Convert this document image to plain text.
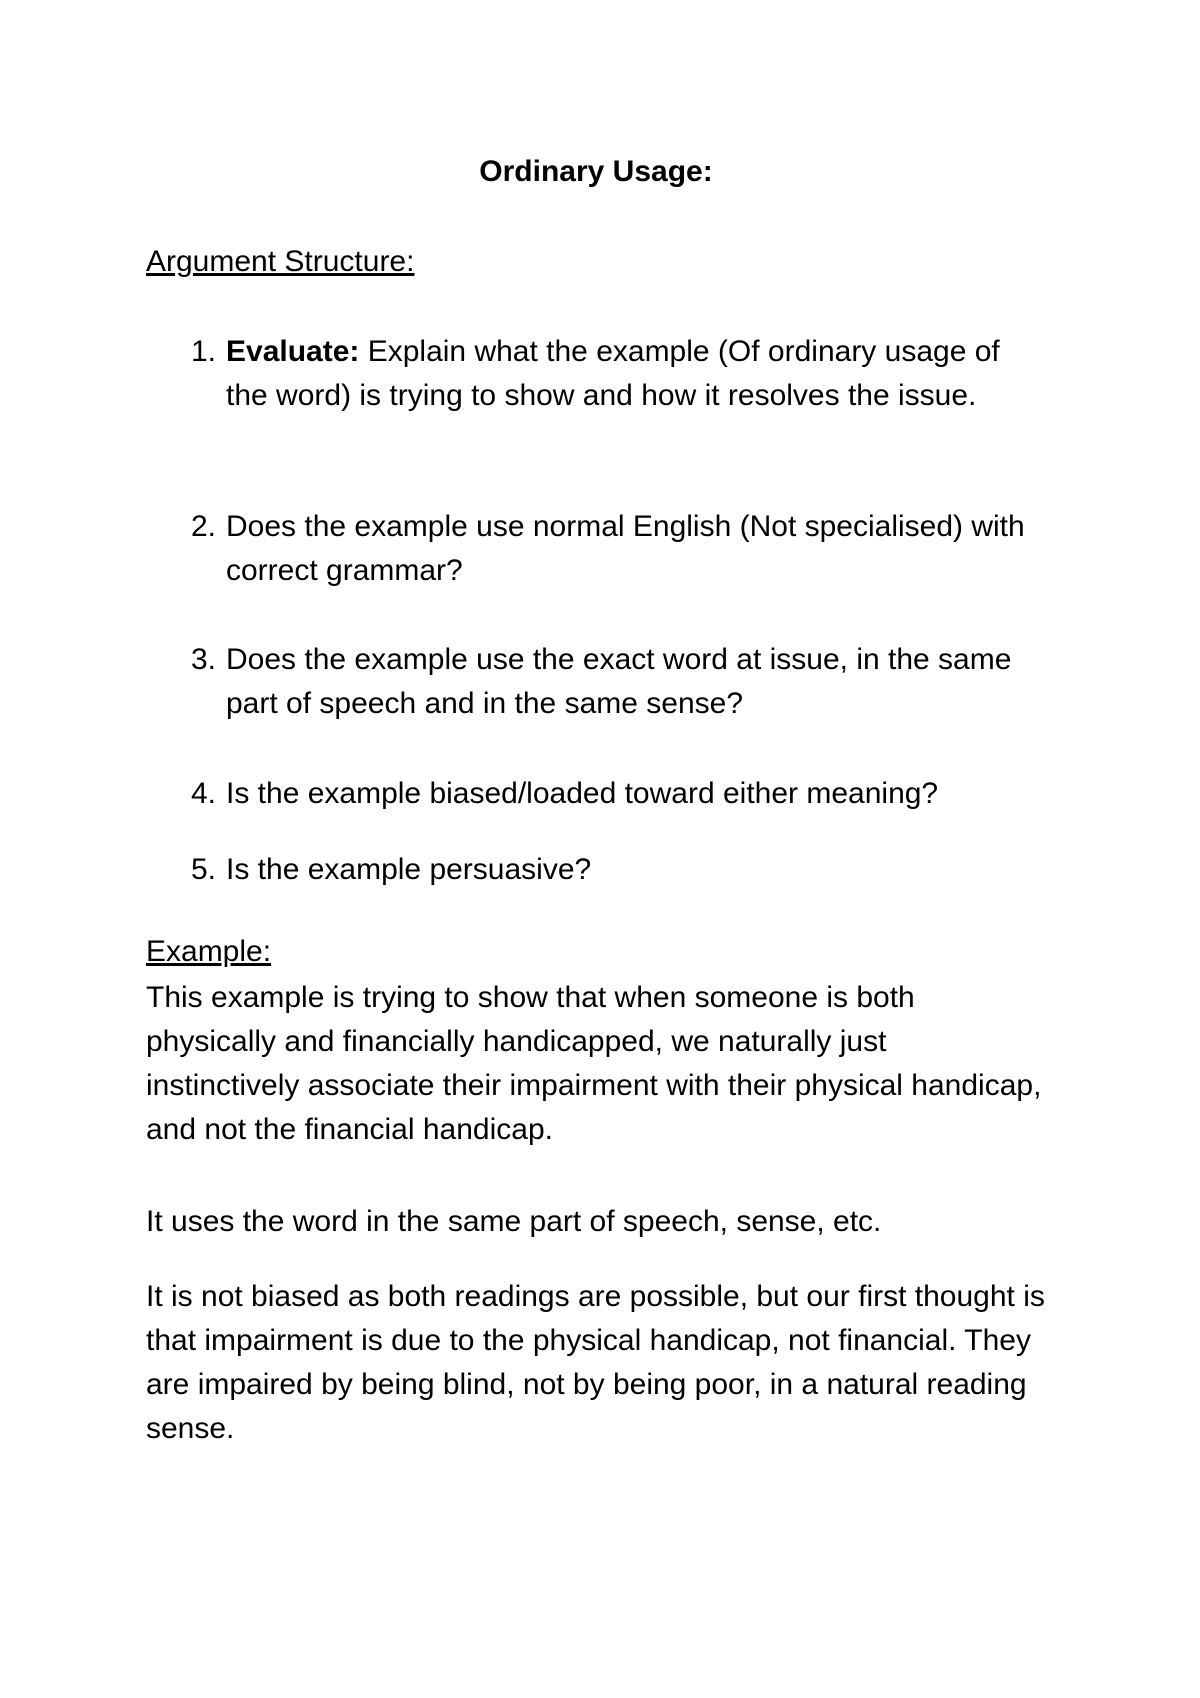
Ordinary Usage:
Argument Structure:
1. Evaluate: Explain what the example (Of ordinary usage of the word) is trying to show and how it resolves the issue.
2. Does the example use normal English (Not specialised) with correct grammar?
3. Does the example use the exact word at issue, in the same part of speech and in the same sense?
4. Is the example biased/loaded toward either meaning?
5. Is the example persuasive?
Example:

This example is trying to show that when someone is both physically and financially handicapped, we naturally just instinctively associate their impairment with their physical handicap, and not the financial handicap.

It uses the word in the same part of speech, sense, etc.

It is not biased as both readings are possible, but our first thought is that impairment is due to the physical handicap, not financial. They are impaired by being blind, not by being poor, in a natural reading sense.
